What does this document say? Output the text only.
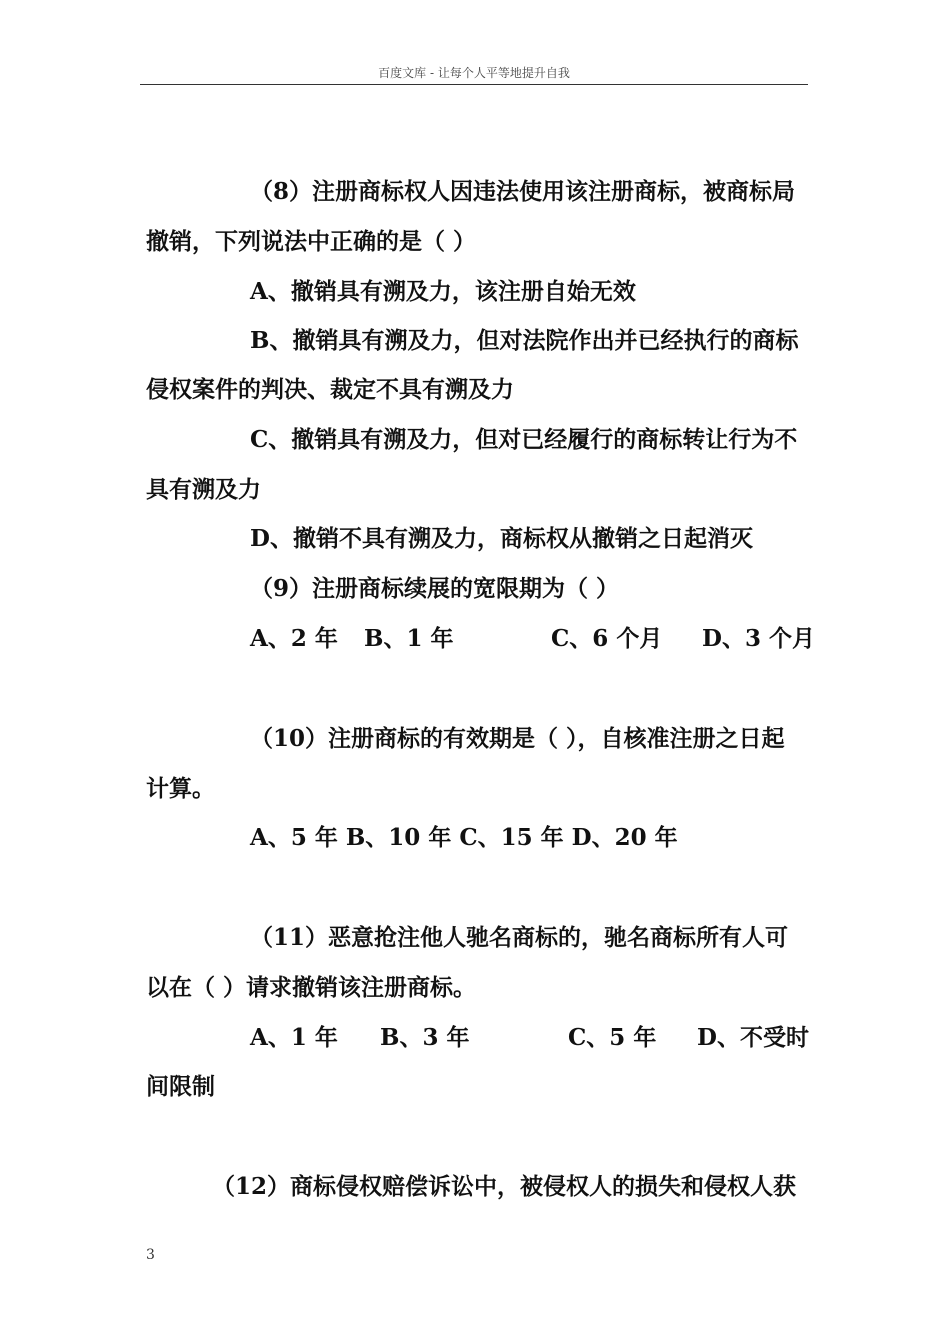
百度文库 - 让每个人平等地提升自我
（8）注册商标权人因违法使用该注册商标，被商标局
撤销，下列说法中正确的是（ ）
A、撤销具有溯及力，该注册自始无效
B、撤销具有溯及力，但对法院作出并已经执行的商标
侵权案件的判决、裁定不具有溯及力
C、撤销具有溯及力，但对已经履行的商标转让行为不
具有溯及力
D、撤销不具有溯及力，商标权从撤销之日起消灭
（9）注册商标续展的宽限期为（ ）
A、2 年 B、1 年	C、6 个月 D、3 个月
（10）注册商标的有效期是（ ），自核准注册之日起
计算。
A、5 年 B、10 年 C、15 年 D、20 年
（11）恶意抢注他人驰名商标的，驰名商标所有人可
以在（ ）请求撤销该注册商标。
A、1 年 B、3 年	C、5 年 D、不受时
间限制
（12）商标侵权赔偿诉讼中，被侵权人的损失和侵权人获
3
